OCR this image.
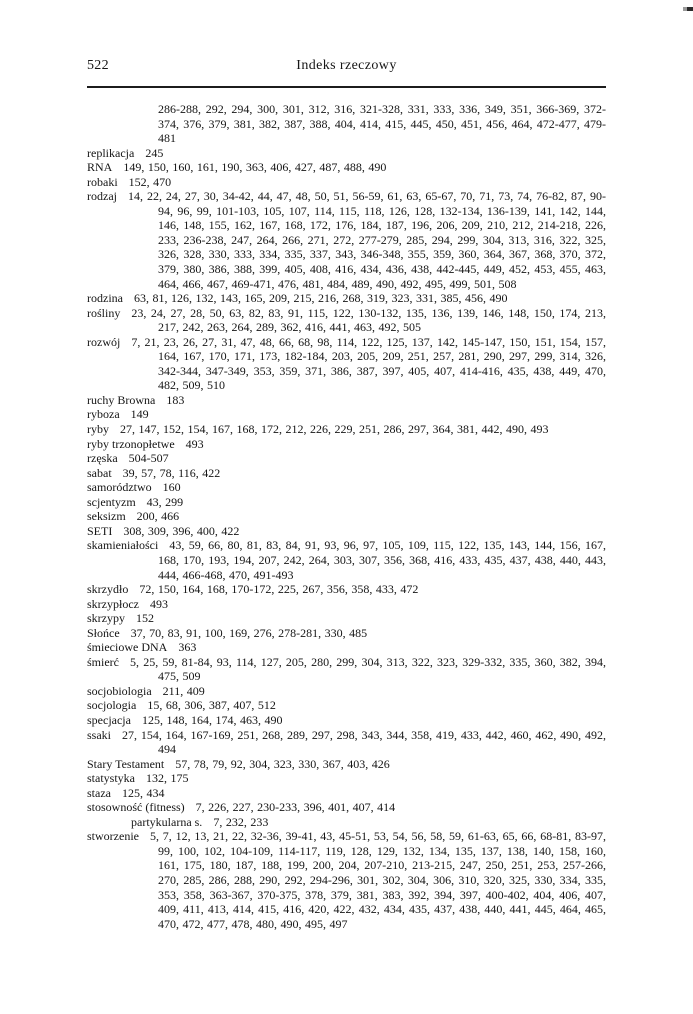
Indeks rzeczowy
522
286-288, 292, 294, 300, 301, 312, 316, 321-328, 331, 333, 336, 349, 351, 366-369, 372-374, 376, 379, 381, 382, 387, 388, 404, 414, 415, 445, 450, 451, 456, 464, 472-477, 479-481
replikacja 245
RNA 149, 150, 160, 161, 190, 363, 406, 427, 487, 488, 490
robaki 152, 470
rodzaj 14, 22, 24, 27, 30, 34-42, 44, 47, 48, 50, 51, 56-59, 61, 63, 65-67, 70, 71, 73, 74, 76-82, 87, 90-94, 96, 99, 101-103, 105, 107, 114, 115, 118, 126, 128, 132-134, 136-139, 141, 142, 144, 146, 148, 155, 162, 167, 168, 172, 176, 184, 187, 196, 206, 209, 210, 212, 214-218, 226, 233, 236-238, 247, 264, 266, 271, 272, 277-279, 285, 294, 299, 304, 313, 316, 322, 325, 326, 328, 330, 333, 334, 335, 337, 343, 346-348, 355, 359, 360, 364, 367, 368, 370, 372, 379, 380, 386, 388, 399, 405, 408, 416, 434, 436, 438, 442-445, 449, 452, 453, 455, 463, 464, 466, 467, 469-471, 476, 481, 484, 489, 490, 492, 495, 499, 501, 508
rodzina 63, 81, 126, 132, 143, 165, 209, 215, 216, 268, 319, 323, 331, 385, 456, 490
rośliny 23, 24, 27, 28, 50, 63, 82, 83, 91, 115, 122, 130-132, 135, 136, 139, 146, 148, 150, 174, 213, 217, 242, 263, 264, 289, 362, 416, 441, 463, 492, 505
rozwój 7, 21, 23, 26, 27, 31, 47, 48, 66, 68, 98, 114, 122, 125, 137, 142, 145-147, 150, 151, 154, 157, 164, 167, 170, 171, 173, 182-184, 203, 205, 209, 251, 257, 281, 290, 297, 299, 314, 326, 342-344, 347-349, 353, 359, 371, 386, 387, 397, 405, 407, 414-416, 435, 438, 449, 470, 482, 509, 510
ruchy Browna 183
ryboza 149
ryby 27, 147, 152, 154, 167, 168, 172, 212, 226, 229, 251, 286, 297, 364, 381, 442, 490, 493
ryby trzonopłetwe 493
rzęska 504-507
sabat 39, 57, 78, 116, 422
samorództwo 160
scjentyzm 43, 299
seksizm 200, 466
SETI 308, 309, 396, 400, 422
skamieniałości 43, 59, 66, 80, 81, 83, 84, 91, 93, 96, 97, 105, 109, 115, 122, 135, 143, 144, 156, 167, 168, 170, 193, 194, 207, 242, 264, 303, 307, 356, 368, 416, 433, 435, 437, 438, 440, 443, 444, 466-468, 470, 491-493
skrzydło 72, 150, 164, 168, 170-172, 225, 267, 356, 358, 433, 472
skrzypłocz 493
skrzypy 152
Słońce 37, 70, 83, 91, 100, 169, 276, 278-281, 330, 485
śmieciowe DNA 363
śmierć 5, 25, 59, 81-84, 93, 114, 127, 205, 280, 299, 304, 313, 322, 323, 329-332, 335, 360, 382, 394, 475, 509
socjobiologia 211, 409
socjologia 15, 68, 306, 387, 407, 512
specjacja 125, 148, 164, 174, 463, 490
ssaki 27, 154, 164, 167-169, 251, 268, 289, 297, 298, 343, 344, 358, 419, 433, 442, 460, 462, 490, 492, 494
Stary Testament 57, 78, 79, 92, 304, 323, 330, 367, 403, 426
statystyka 132, 175
staza 125, 434
stosowność (fitness) 7, 226, 227, 230-233, 396, 401, 407, 414
partykularna s. 7, 232, 233
stworzenie 5, 7, 12, 13, 21, 22, 32-36, 39-41, 43, 45-51, 53, 54, 56, 58, 59, 61-63, 65, 66, 68-81, 83-97, 99, 100, 102, 104-109, 114-117, 119, 128, 129, 132, 134, 135, 137, 138, 140, 158, 160, 161, 175, 180, 187, 188, 199, 200, 204, 207-210, 213-215, 247, 250, 251, 253, 257-266, 270, 285, 286, 288, 290, 292, 294-296, 301, 302, 304, 306, 310, 320, 325, 330, 334, 335, 353, 358, 363-367, 370-375, 378, 379, 381, 383, 392, 394, 397, 400-402, 404, 406, 407, 409, 411, 413, 414, 415, 416, 420, 422, 432, 434, 435, 437, 438, 440, 441, 445, 464, 465, 470, 472, 477, 478, 480, 490, 495, 497
